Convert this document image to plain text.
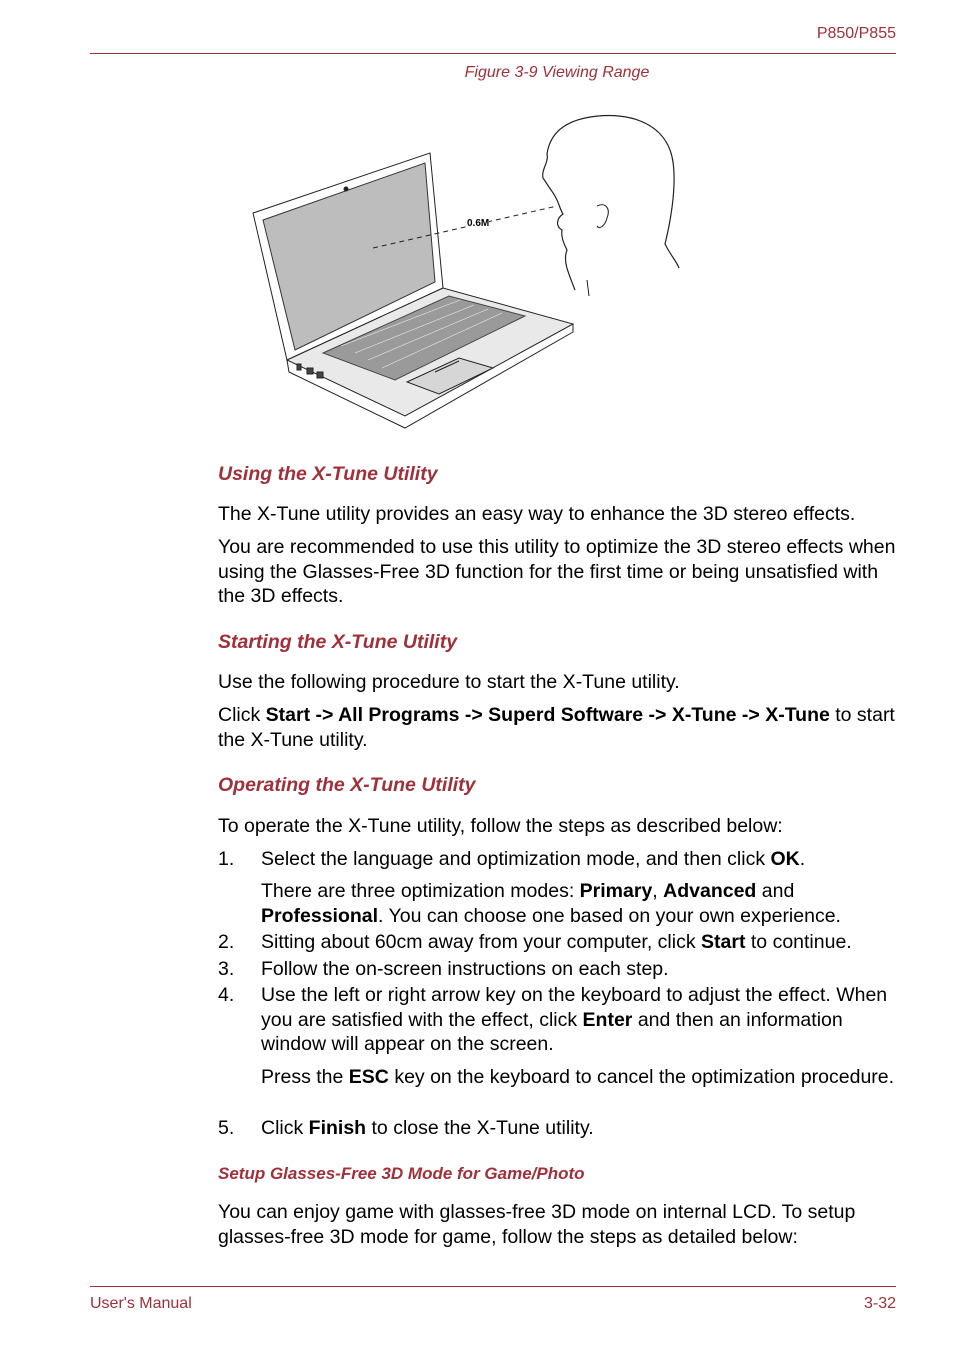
P850/P855
Figure 3-9 Viewing Range
0.6M
Using the X-Tune Utility

The X-Tune utility provides an easy way to enhance the 3D stereo effects.

You are recommended to use this utility to optimize the 3D stereo effects when using the Glasses-Free 3D function for the first time or being unsatisfied with the 3D effects.

Starting the X-Tune Utility

Use the following procedure to start the X-Tune utility.

Click Start -> All Programs -> Superd Software -> X-Tune -> X-Tune to start the X-Tune utility.

Operating the X-Tune Utility

To operate the X-Tune utility, follow the steps as described below:

1. Select the language and optimization mode, and then click OK.
There are three optimization modes: Primary, Advanced and
Professional. You can choose one based on your own experience.
2. Sitting about 60cm away from your computer, click Start to continue.
3. Follow the on-screen instructions on each step.
4. Use the left or right arrow key on the keyboard to adjust the effect. When you are satisfied with the effect, click Enter and then an information window will appear on the screen.
Press the ESC key on the keyboard to cancel the optimization procedure.
5. Click Finish to close the X-Tune utility.
Setup Glasses-Free 3D Mode for Game/Photo

You can enjoy game with glasses-free 3D mode on internal LCD. To setup glasses-free 3D mode for game, follow the steps as detailed below:

User's Manual	3-32
